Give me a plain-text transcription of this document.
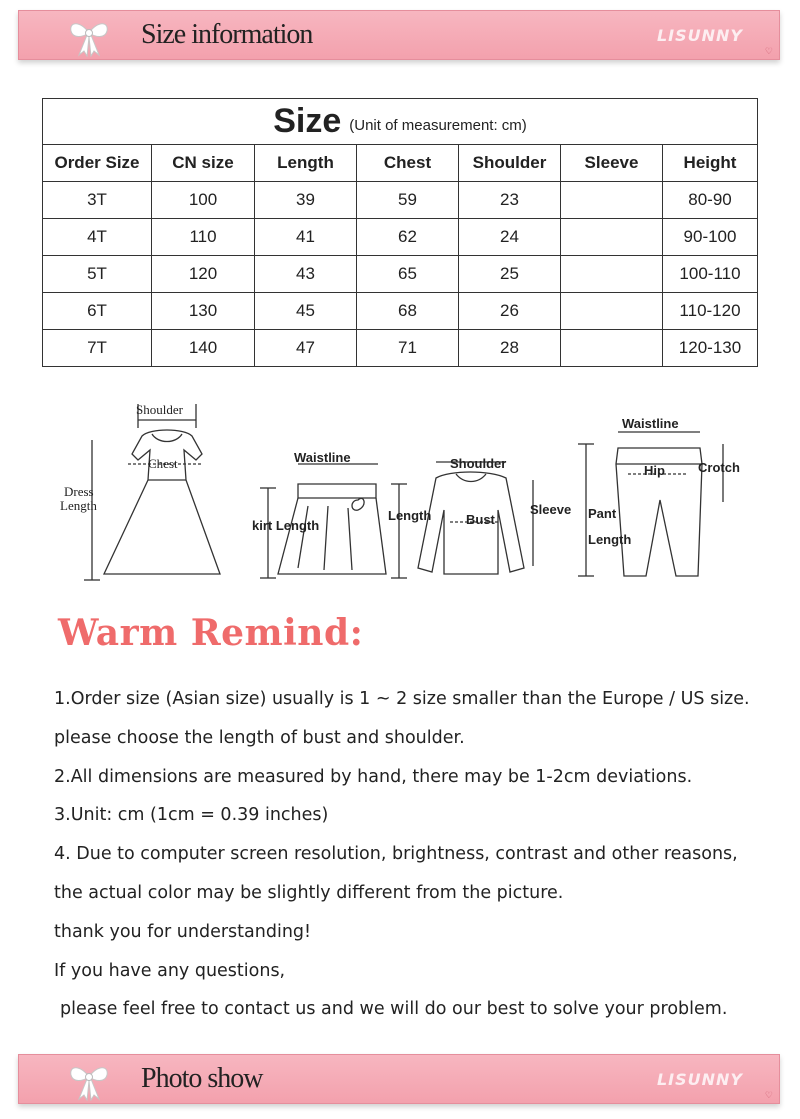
Size information	LISUNNY
♡
Size (Unit of measurement: cm)						
Order Size	CN size	Length	Chest	Shoulder	Sleeve	Height
3T	100	39	59	23		80-90
4T	110	41	62	24		90-100
5T	120	43	65	25		100-110
6T	130	45	68	26		110-120
7T	140	47	71	28		120-130
Shoulder
Chest
Dress
Length
Waistline
kirt Length
Shoulder
Length	Bust
Sleeve
Waistline
Hip	Crotch
Pant
Length
Warm Remind:
1.Order size (Asian size) usually is 1 ~ 2 size smaller than the Europe / US size.
please choose the length of bust and shoulder.
2.All dimensions are measured by hand, there may be 1-2cm deviations.
3.Unit: cm (1cm = 0.39 inches)
4. Due to computer screen resolution, brightness, contrast and other reasons,
the actual color may be slightly different from the picture.
thank you for understanding!
If you have any questions,
please feel free to contact us and we will do our best to solve your problem.
Photo show	LISUNNY
♡
